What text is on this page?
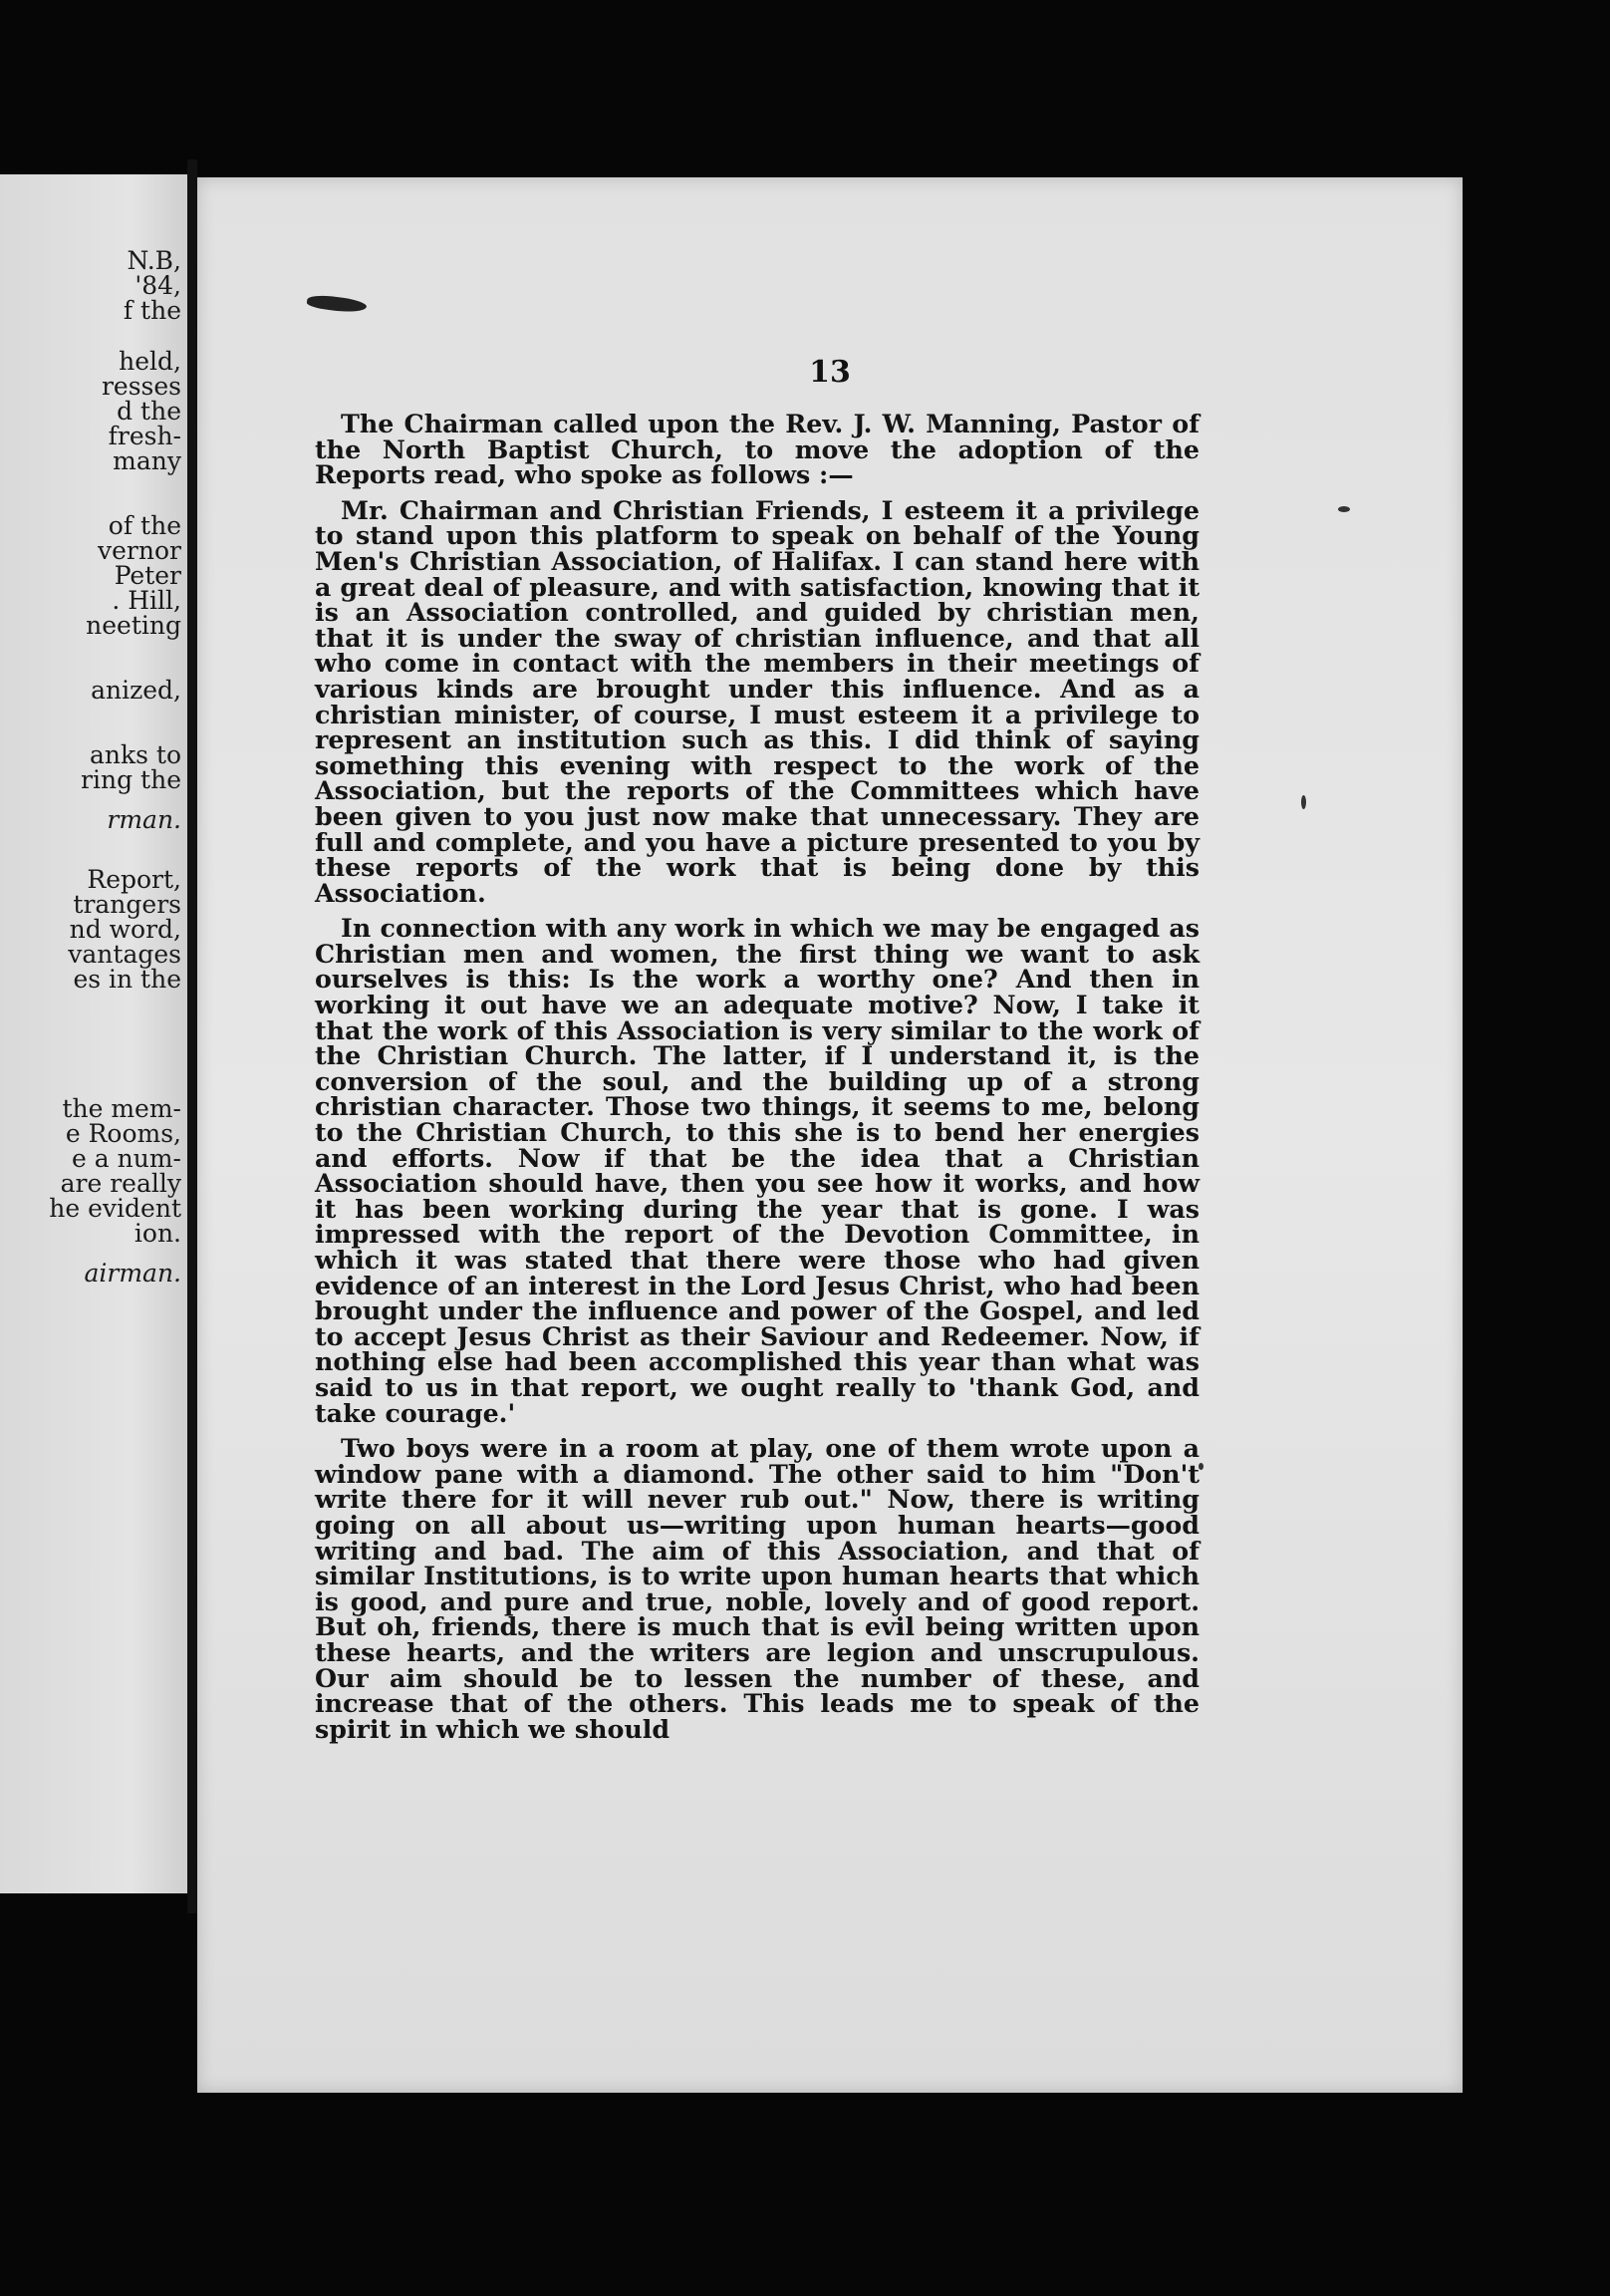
N.B,
'84,
f the
held,
resses
d the
fresh-
many
of the
vernor
Peter
. Hill,
neeting
anized,
anks to
ring the
rman.
Report,
trangers
nd word,
vantages
es in the
the mem-
e Rooms,
e a num-
are really
he evident
ion.
airman.
13

The Chairman called upon the Rev. J. W. Manning, Pastor of the North Baptist Church, to move the adoption of the Reports read, who spoke as follows :—

Mr. Chairman and Christian Friends, I esteem it a privilege to stand upon this platform to speak on behalf of the Young Men's Christian Association, of Halifax. I can stand here with a great deal of pleasure, and with satisfaction, knowing that it is an Association controlled, and guided by christian men, that it is under the sway of christian influence, and that all who come in contact with the members in their meetings of various kinds are brought under this influence. And as a christian minister, of course, I must esteem it a privilege to represent an institution such as this. I did think of saying something this evening with respect to the work of the Association, but the reports of the Committees which have been given to you just now make that unnecessary. They are full and complete, and you have a picture presented to you by these reports of the work that is being done by this Association.

In connection with any work in which we may be engaged as Christian men and women, the first thing we want to ask ourselves is this: Is the work a worthy one? And then in working it out have we an adequate motive? Now, I take it that the work of this Association is very similar to the work of the Christian Church. The latter, if I understand it, is the conversion of the soul, and the building up of a strong christian character. Those two things, it seems to me, belong to the Christian Church, to this she is to bend her energies and efforts. Now if that be the idea that a Christian Association should have, then you see how it works, and how it has been working during the year that is gone. I was impressed with the report of the Devotion Committee, in which it was stated that there were those who had given evidence of an interest in the Lord Jesus Christ, who had been brought under the influence and power of the Gospel, and led to accept Jesus Christ as their Saviour and Redeemer. Now, if nothing else had been accomplished this year than what was said to us in that report, we ought really to 'thank God, and take courage.'

Two boys were in a room at play, one of them wrote upon a window pane with a diamond. The other said to him "Don't write there for it will never rub out." Now, there is writing going on all about us—writing upon human hearts—good writing and bad. The aim of this Association, and that of similar Institutions, is to write upon human hearts that which is good, and pure and true, noble, lovely and of good report. But oh, friends, there is much that is evil being written upon these hearts, and the writers are legion and unscrupulous. Our aim should be to lessen the number of these, and increase that of the others. This leads me to speak of the spirit in which we should
